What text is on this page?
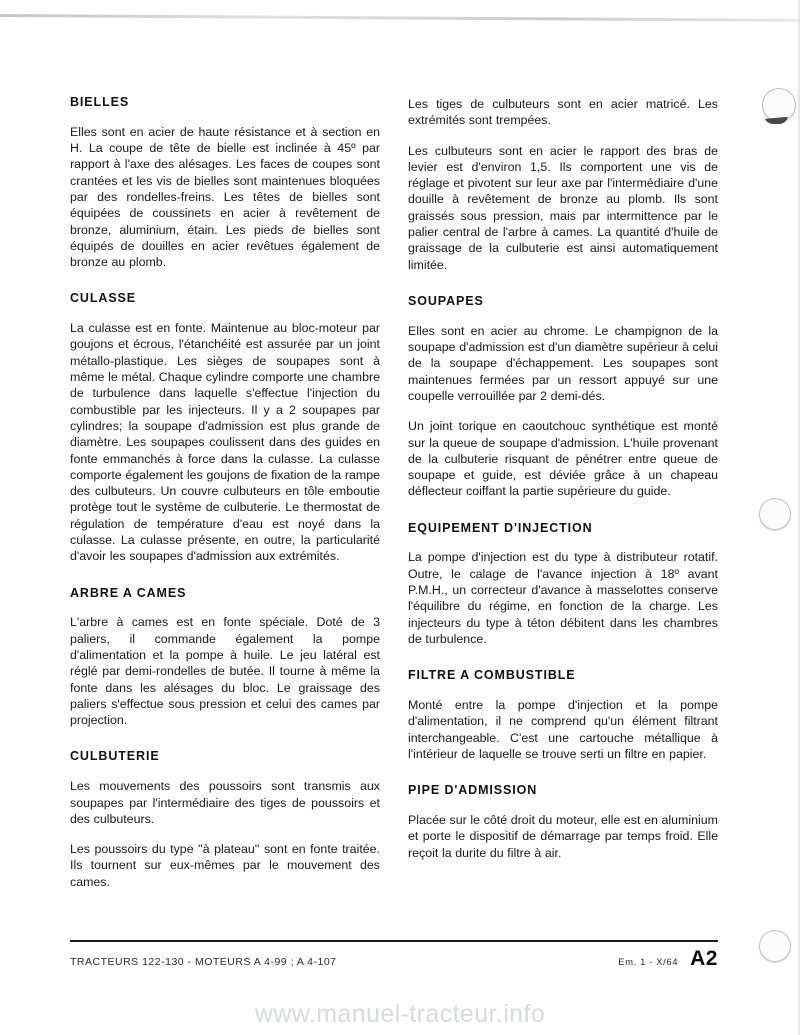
BIELLES

Elles sont en acier de haute résistance et à section en H. La coupe de tête de bielle est inclinée à 45º par rapport à l'axe des alésages. Les faces de coupes sont crantées et les vis de bielles sont maintenues bloquées par des rondelles-freins. Les têtes de bielles sont équipées de coussinets en acier à revêtement de bronze, aluminium, étain. Les pieds de bielles sont équipés de douilles en acier revêtues également de bronze au plomb.

CULASSE

La culasse est en fonte. Maintenue au bloc-moteur par goujons et écrous, l'étanchéité est assurée par un joint métallo-plastique. Les sièges de soupapes sont à même le métal. Chaque cylindre comporte une chambre de turbulence dans laquelle s'effectue l'injection du combustible par les injecteurs. Il y a 2 soupapes par cylindres; la soupape d'admission est plus grande de diamètre. Les soupapes coulissent dans des guides en fonte emmanchés à force dans la culasse. La culasse comporte également les goujons de fixation de la rampe des culbuteurs. Un couvre culbuteurs en tôle emboutie protège tout le système de culbuterie. Le thermostat de régulation de température d'eau est noyé dans la culasse. La culasse présente, en outre, la particularité d'avoir les soupapes d'admission aux extrémités.

ARBRE A CAMES

L'arbre à cames est en fonte spéciale. Doté de 3 paliers, il commande également la pompe d'alimentation et la pompe à huile. Le jeu latéral est réglé par demi-rondelles de butée. Il tourne à même la fonte dans les alésages du bloc. Le graissage des paliers s'effectue sous pression et celui des cames par projection.

CULBUTERIE

Les mouvements des poussoirs sont transmis aux soupapes par l'intermédiaire des tiges de poussoirs et des culbuteurs.

Les poussoirs du type ''à plateau'' sont en fonte traitée. Ils tournent sur eux-mêmes par le mouvement des cames.

Les tiges de culbuteurs sont en acier matricé. Les extrémités sont trempées.

Les culbuteurs sont en acier le rapport des bras de levier est d'environ 1,5. Ils comportent une vis de réglage et pivotent sur leur axe par l'intermédiaire d'une douille à revêtement de bronze au plomb. Ils sont graissés sous pression, mais par intermittence par le palier central de l'arbre à cames. La quantité d'huile de graissage de la culbuterie est ainsi automatiquement limitée.

SOUPAPES

Elles sont en acier au chrome. Le champignon de la soupape d'admission est d'un diamètre supérieur à celui de la soupape d'échappement. Les soupapes sont maintenues fermées par un ressort appuyé sur une coupelle verrouillée par 2 demi-dés.

Un joint torique en caoutchouc synthétique est monté sur la queue de soupape d'admission. L'huile provenant de la culbuterie risquant de pénétrer entre queue de soupape et guide, est déviée grâce à un chapeau déflecteur coiffant la partie supérieure du guide.

EQUIPEMENT D'INJECTION

La pompe d'injection est du type à distributeur rotatif. Outre, le calage de l'avance injection à 18º avant P.M.H., un correcteur d'avance à masselottes conserve l'équilibre du régime, en fonction de la charge. Les injecteurs du type à téton débitent dans les chambres de turbulence.

FILTRE A COMBUSTIBLE

Monté entre la pompe d'injection et la pompe d'alimentation, il ne comprend qu'un élément filtrant interchangeable. C'est une cartouche métallique à l'intérieur de laquelle se trouve serti un filtre en papier.

PIPE D'ADMISSION

Placée sur le côté droit du moteur, elle est en aluminium et porte le dispositif de démarrage par temps froid. Elle reçoit la durite du filtre à air.

TRACTEURS 122-130 - MOTEURS A 4-99 ; A 4-107	Em. 1 - X/64 A2
www.manuel-tracteur.info
